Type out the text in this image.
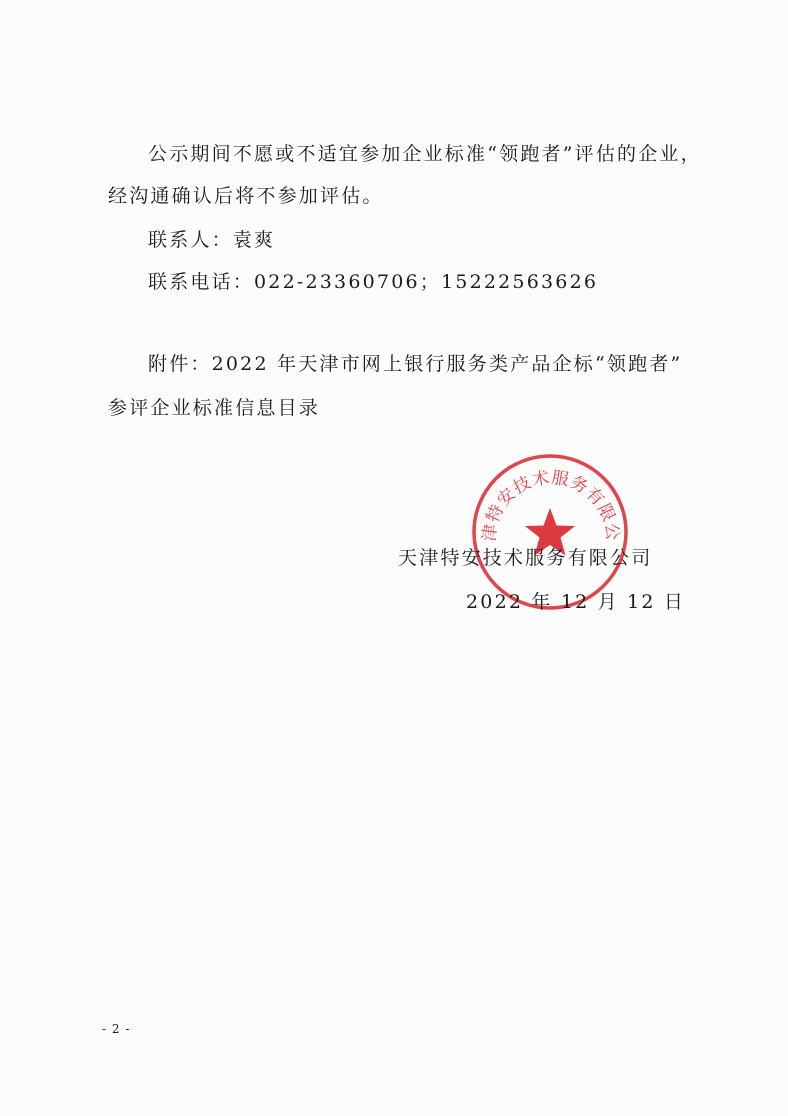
公示期间不愿或不适宜参加企业标准“领跑者”评估的企业，
经沟通确认后将不参加评估。
联系人：袁爽
联系电话：022-23360706；15222563626
附件：2022 年天津市网上银行服务类产品企标“领跑者”
参评企业标准信息目录
津特安技术服务有限公
天津特安技术服务有限公司
2022 年 12 月 12 日
- 2 -
